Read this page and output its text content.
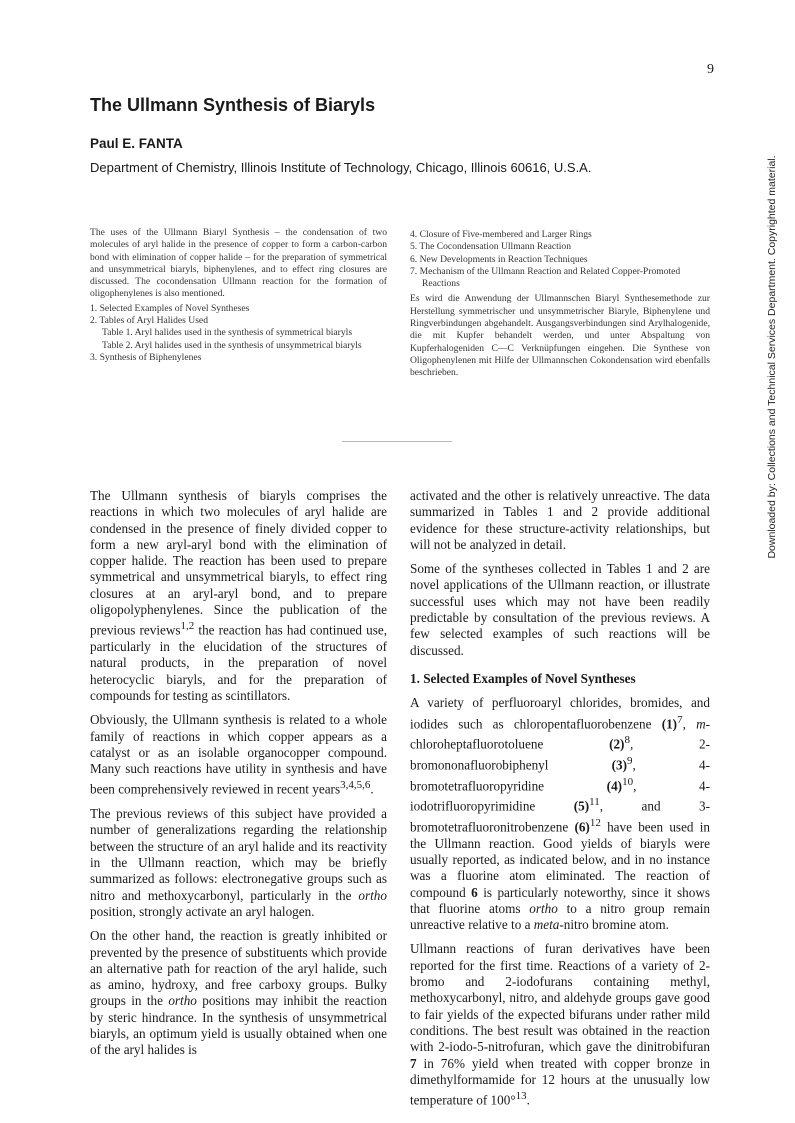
9
The Ullmann Synthesis of Biaryls
Paul E. FANTA
Department of Chemistry, Illinois Institute of Technology, Chicago, Illinois 60616, U.S.A.

The uses of the Ullmann Biaryl Synthesis – the condensation of two molecules of aryl halide in the presence of copper to form a carbon-carbon bond with elimination of copper halide – for the preparation of symmetrical and unsymmetrical biaryls, biphenylenes, and to effect ring closures are discussed. The cocondensation Ullmann reaction for the formation of oligophenylenes is also mentioned.

1. Selected Examples of Novel Syntheses
2. Tables of Aryl Halides Used
Table 1. Aryl halides used in the synthesis of symmetrical biaryls
Table 2. Aryl halides used in the synthesis of unsymmetrical biaryls
3. Synthesis of Biphenylenes
4. Closure of Five-membered and Larger Rings
5. The Cocondensation Ullmann Reaction
6. New Developments in Reaction Techniques
7. Mechanism of the Ullmann Reaction and Related Copper-Promoted Reactions

Es wird die Anwendung der Ullmannschen Biaryl Synthesemethode zur Herstellung symmetrischer und unsymmetrischer Biaryle, Biphenylene und Ringverbindungen abgehandelt. Ausgangsverbindungen sind Arylhalogenide, die mit Kupfer behandelt werden, und unter Abspaltung von Kupferhalogeniden C—C Verknüpfungen eingehen. Die Synthese von Oligophenylenen mit Hilfe der Ullmannschen Cokondensation wird ebenfalls beschrieben.

The Ullmann synthesis of biaryls comprises the reactions in which two molecules of aryl halide are condensed in the presence of finely divided copper to form a new aryl-aryl bond with the elimination of copper halide. The reaction has been used to prepare symmetrical and unsymmetrical biaryls, to effect ring closures at an aryl-aryl bond, and to prepare oligopolyphenylenes. Since the publication of the previous reviews$^{1,2}$ the reaction has had continued use, particularly in the elucidation of the structures of natural products, in the preparation of novel heterocyclic biaryls, and for the preparation of compounds for testing as scintillators.

Obviously, the Ullmann synthesis is related to a whole family of reactions in which copper appears as a catalyst or as an isolable organocopper compound. Many such reactions have utility in synthesis and have been comprehensively reviewed in recent years$^{3,4,5,6}$.

The previous reviews of this subject have provided a number of generalizations regarding the relationship between the structure of an aryl halide and its reactivity in the Ullmann reaction, which may be briefly summarized as follows: electronegative groups such as nitro and methoxycarbonyl, particularly in the ortho position, strongly activate an aryl halogen.

On the other hand, the reaction is greatly inhibited or prevented by the presence of substituents which provide an alternative path for reaction of the aryl halide, such as amino, hydroxy, and free carboxy groups. Bulky groups in the ortho positions may inhibit the reaction by steric hindrance. In the synthesis of unsymmetrical biaryls, an optimum yield is usually obtained when one of the aryl halides is

activated and the other is relatively unreactive. The data summarized in Tables 1 and 2 provide additional evidence for these structure-activity relationships, but will not be analyzed in detail.

Some of the syntheses collected in Tables 1 and 2 are novel applications of the Ullmann reaction, or illustrate successful uses which may not have been readily predictable by consultation of the previous reviews. A few selected examples of such reactions will be discussed.

1. Selected Examples of Novel Syntheses

A variety of perfluoroaryl chlorides, bromides, and iodides such as chloropentafluorobenzene $(1)^7$, m-chloroheptafluorotoluene $(2)^8$, 2-bromononafluorobiphenyl $(3)^9$, 4-bromotetrafluoropyridine $(4)^{10}$, 4-iodotrifluoropyrimidine $(5)^{11}$, and 3-bromotetrafluoronitrobenzene $(6)^{12}$ have been used in the Ullmann reaction. Good yields of biaryls were usually reported, as indicated below, and in no instance was a fluorine atom eliminated. The reaction of compound 6 is particularly noteworthy, since it shows that fluorine atoms ortho to a nitro group remain unreactive relative to a meta-nitro bromine atom.

Ullmann reactions of furan derivatives have been reported for the first time. Reactions of a variety of 2-bromo and 2-iodofurans containing methyl, methoxycarbonyl, nitro, and aldehyde groups gave good to fair yields of the expected bifurans under rather mild conditions. The best result was obtained in the reaction with 2-iodo-5-nitrofuran, which gave the dinitrobifuran 7 in 76% yield when treated with copper bronze in dimethylformamide for 12 hours at the unusually low temperature of 100°$^{13}$.

Downloaded by: Collections and Technical Services Department. Copyrighted material.
